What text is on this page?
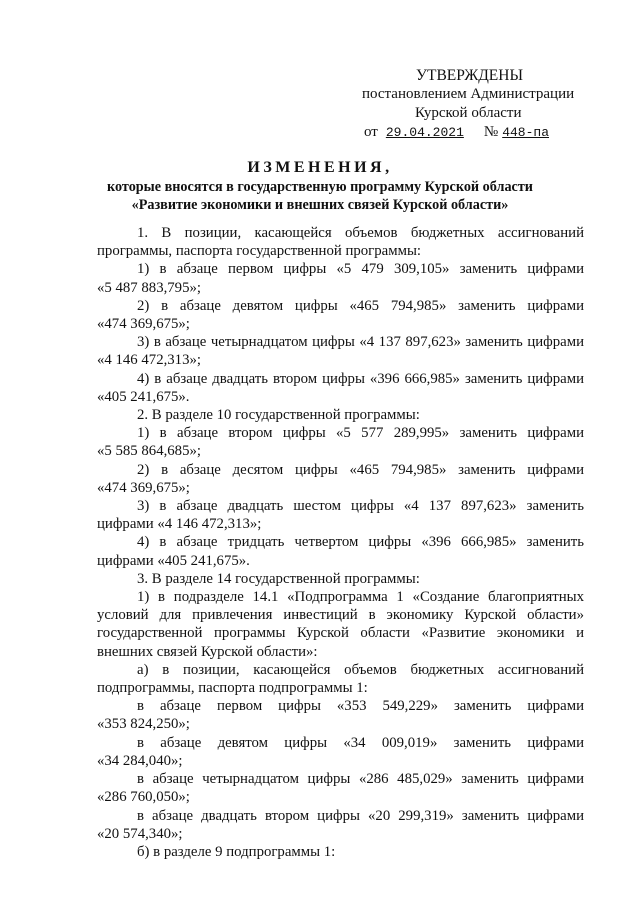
УТВЕРЖДЕНЫ
постановлением Администрации
Курской области
от 29.04.2021 № 448-па
ИЗМЕНЕНИЯ,
которые вносятся в государственную программу Курской области
«Развитие экономики и внешних связей Курской области»

1. В позиции, касающейся объемов бюджетных ассигнований

программы, паспорта государственной программы:

1) в абзаце первом цифры «5 479 309,105» заменить цифрами

«5 487 883,795»;

2) в абзаце девятом цифры «465 794,985» заменить цифрами

«474 369,675»;

3) в абзаце четырнадцатом цифры «4 137 897,623» заменить цифрами

«4 146 472,313»;

4) в абзаце двадцать втором цифры «396 666,985» заменить цифрами

«405 241,675».

2. В разделе 10 государственной программы:

1) в абзаце втором цифры «5 577 289,995» заменить цифрами

«5 585 864,685»;

2) в абзаце десятом цифры «465 794,985» заменить цифрами

«474 369,675»;

3) в абзаце двадцать шестом цифры «4 137 897,623» заменить

цифрами «4 146 472,313»;

4) в абзаце тридцать четвертом цифры «396 666,985» заменить

цифрами «405 241,675».

3. В разделе 14 государственной программы:

1) в подразделе 14.1 «Подпрограмма 1 «Создание благоприятных

условий для привлечения инвестиций в экономику Курской области»

государственной программы Курской области «Развитие экономики и

внешних связей Курской области»:

а) в позиции, касающейся объемов бюджетных ассигнований

подпрограммы, паспорта подпрограммы 1:

в абзаце первом цифры «353 549,229» заменить цифрами

«353 824,250»;

в абзаце девятом цифры «34 009,019» заменить цифрами

«34 284,040»;

в абзаце четырнадцатом цифры «286 485,029» заменить цифрами

«286 760,050»;

в абзаце двадцать втором цифры «20 299,319» заменить цифрами

«20 574,340»;

б) в разделе 9 подпрограммы 1:
